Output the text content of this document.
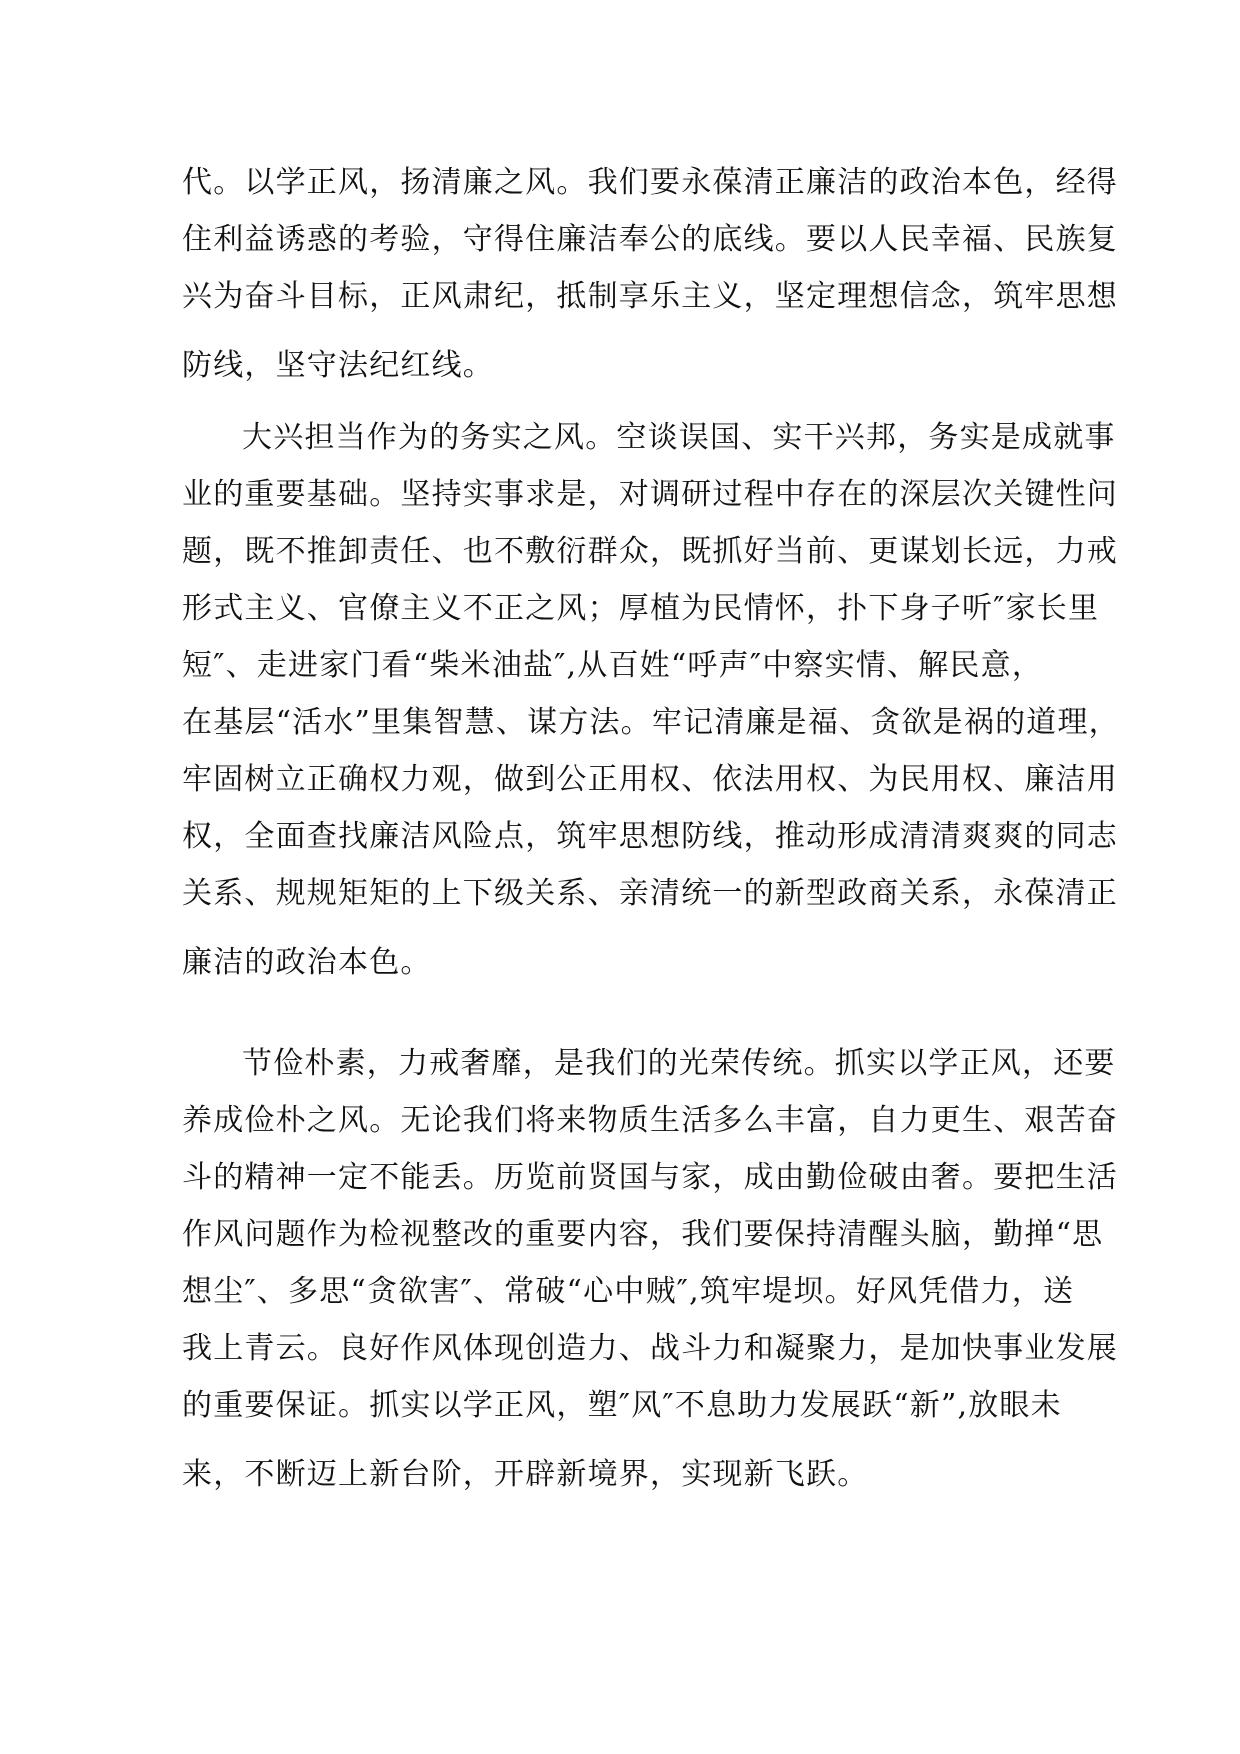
代。以学正风，扬清廉之风。我们要永葆清正廉洁的政治本色，经得
住利益诱惑的考验，守得住廉洁奉公的底线。要以人民幸福、民族复
兴为奋斗目标，正风肃纪，抵制享乐主义，坚定理想信念，筑牢思想
防线，坚守法纪红线。
大兴担当作为的务实之风。空谈误国、实干兴邦，务实是成就事
业的重要基础。坚持实事求是，对调研过程中存在的深层次关键性问
题，既不推卸责任、也不敷衍群众，既抓好当前、更谋划长远，力戒
形式主义、官僚主义不正之风；厚植为民情怀，扑下身子听″家长里
短″、走进家门看“柴米油盐″,从百姓“呼声″中察实情、解民意，
在基层“活水”里集智慧、谋方法。牢记清廉是福、贪欲是祸的道理，
牢固树立正确权力观，做到公正用权、依法用权、为民用权、廉洁用
权，全面查找廉洁风险点，筑牢思想防线，推动形成清清爽爽的同志
关系、规规矩矩的上下级关系、亲清统一的新型政商关系，永葆清正
廉洁的政治本色。
节俭朴素，力戒奢靡，是我们的光荣传统。抓实以学正风，还要
养成俭朴之风。无论我们将来物质生活多么丰富，自力更生、艰苦奋
斗的精神一定不能丢。历览前贤国与家，成由勤俭破由奢。要把生活
作风问题作为检视整改的重要内容，我们要保持清醒头脑，勤掸“思
想尘″、多思“贪欲害″、常破“心中贼″,筑牢堤坝。好风凭借力，送
我上青云。良好作风体现创造力、战斗力和凝聚力，是加快事业发展
的重要保证。抓实以学正风，塑″风″不息助力发展跃“新”,放眼未
来，不断迈上新台阶，开辟新境界，实现新飞跃。
